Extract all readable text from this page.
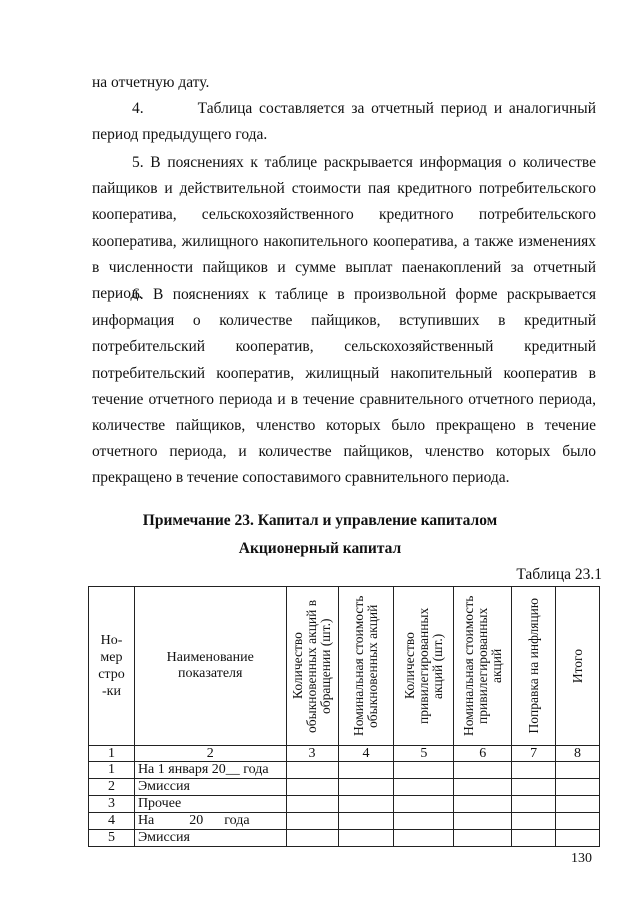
на отчетную дату.
4.        Таблица составляется за отчетный период и аналогичный период предыдущего года.
5. В пояснениях к таблице раскрывается информация о количестве пайщиков и действительной стоимости пая кредитного потребительского кооператива, сельскохозяйственного кредитного потребительского кооператива, жилищного накопительного кооператива, а также изменениях в численности пайщиков и сумме выплат паенакоплений за отчетный период.
6. В пояснениях к таблице в произвольной форме раскрывается информация о количестве пайщиков, вступивших в кредитный потребительский кооператив, сельскохозяйственный кредитный потребительский кооператив, жилищный накопительный кооператив в течение отчетного периода и в течение сравнительного отчетного периода, количестве пайщиков, членство которых было прекращено в течение отчетного периода, и количестве пайщиков, членство которых было прекращено в течение сопоставимого сравнительного периода.
Примечание 23. Капитал и управление капиталом
Акционерный капитал
Таблица 23.1
Но-мер стро-ки	Наименование показателя	Количество обыкновенных акций в обращении (шт.)	Номинальная стоимость обыкновенных акций	Количество привилегированных акций (шт.)	Номинальная стоимость привилегированных акций	Поправка на инфляцию	Итого

1	2	3	4	5	6	7	8
1	На 1 января 20__ года						
2	Эмиссия						
3	Прочее						
4	На          20      года						
5	Эмиссия						
130
